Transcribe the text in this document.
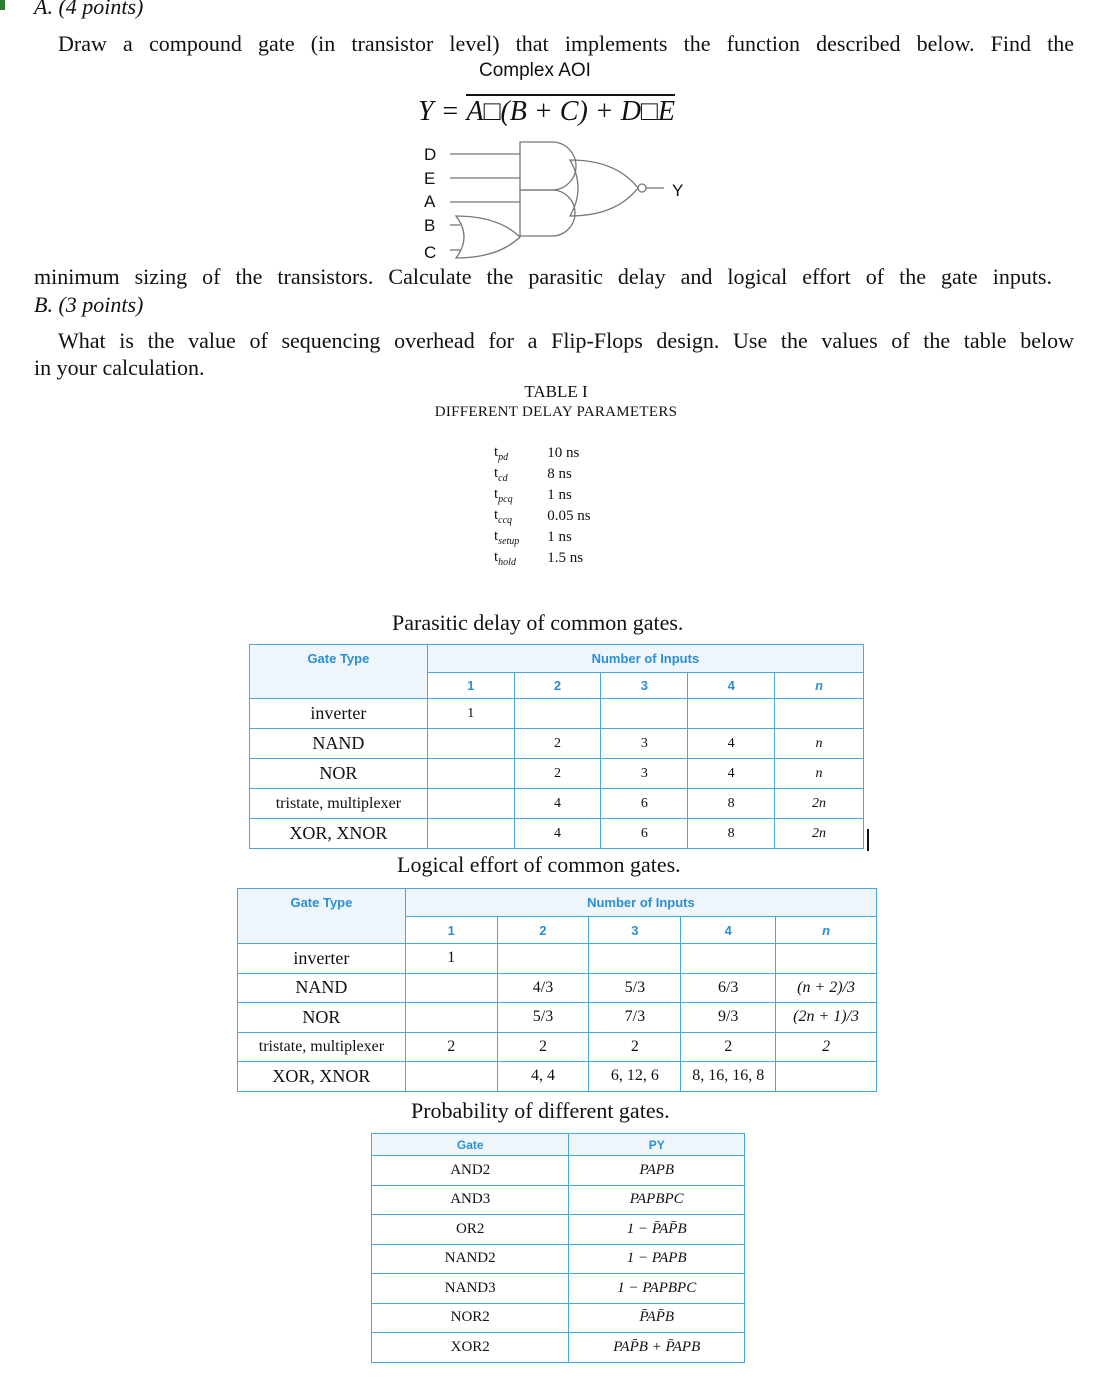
A. (4 points)
Draw a compound gate (in transistor level) that implements the function described below. Find the
Complex AOI
Y = A□(B + C) + D□E
D
E
A
B
C
Y
minimum sizing of the transistors. Calculate the parasitic delay and logical effort of the gate inputs.
B. (3 points)
What is the value of sequencing overhead for a Flip-Flops design. Use the values of the table below
in your calculation.
TABLE I
DIFFERENT DELAY PARAMETERS
$t_{pd}$	10 ns
$t_{cd}$	8 ns
$t_{pcq}$	1 ns
$t_{ccq}$	0.05 ns
$t_{setup}$	1 ns
$t_{hold}$	1.5 ns
Parasitic delay of common gates.
Gate Type	Number of Inputs				
	1	2	3	4	n
inverter	1				
NAND		2	3	4	n
NOR		2	3	4	n
tristate, multiplexer		4	6	8	2n
XOR, XNOR		4	6	8	2n
Logical effort of common gates.
Gate Type	Number of Inputs				
	1	2	3	4	n
inverter	1				
NAND		4/3	5/3	6/3	(n + 2)/3
NOR		5/3	7/3	9/3	(2n + 1)/3
tristate, multiplexer	2	2	2	2	2
XOR, XNOR		4, 4	6, 12, 6	8, 16, 16, 8	
Probability of different gates.
Gate	PY
AND2	PAPB
AND3	PAPBPC
OR2	1 − P̄AP̄B
NAND2	1 − PAPB
NAND3	1 − PAPBPC
NOR2	P̄AP̄B
XOR2	PAP̄B + P̄APB
